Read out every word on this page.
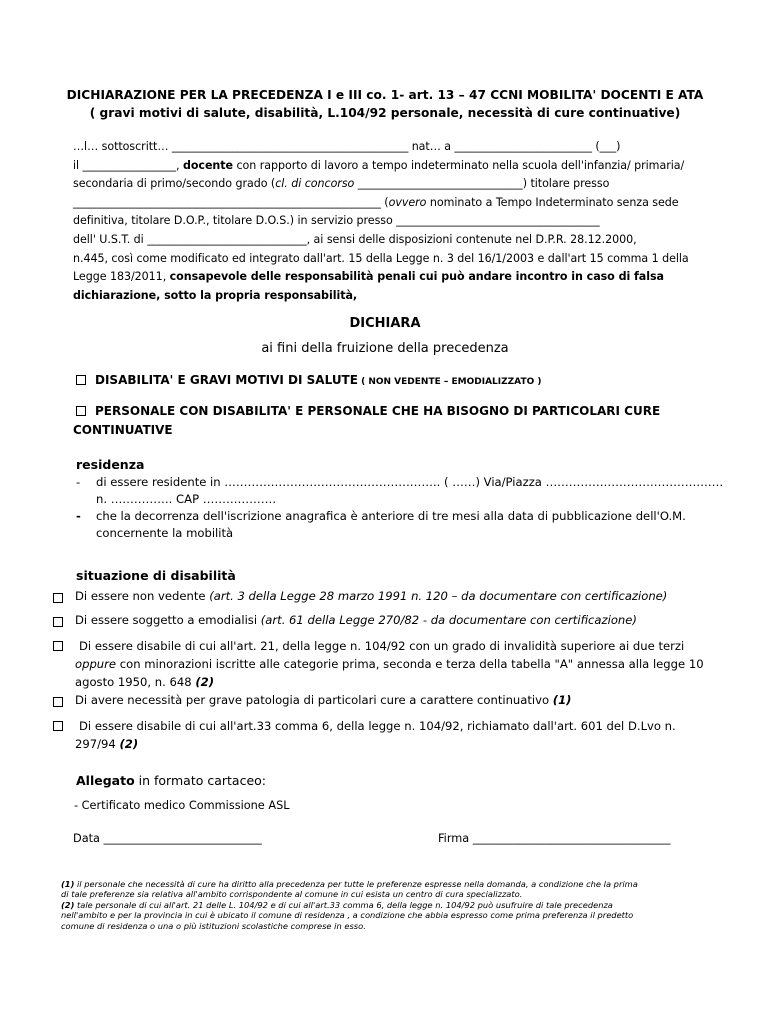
DICHIARAZIONE PER LA PRECEDENZA I e III co. 1- art. 13 – 47 CCNI MOBILITA' DOCENTI E ATA
( gravi motivi di salute, disabilità, L.104/92 personale, necessità di cure continuative)
…l… sottoscritt… ___________________________________________ nat… a _________________________ (___)
il _________________, docente con rapporto di lavoro a tempo indeterminato nella scuola dell'infanzia/ primaria/
secondaria di primo/secondo grado (cl. di concorso ______________________________) titolare presso
________________________________________________________ (ovvero nominato a Tempo Indeterminato senza sede
definitiva, titolare D.O.P., titolare D.O.S.) in servizio presso _____________________________________
dell' U.S.T. di _____________________________, ai sensi delle disposizioni contenute nel D.P.R. 28.12.2000,
n.445, così come modificato ed integrato dall'art. 15 della Legge n. 3 del 16/1/2003 e dall'art 15 comma 1 della
Legge 183/2011, consapevole delle responsabilità penali cui può andare incontro in caso di falsa
dichiarazione, sotto la propria responsabilità,
DICHIARA
ai fini della fruizione della precedenza
DISABILITA' E GRAVI MOTIVI DI SALUTE ( NON VEDENTE – EMODIALIZZATO )
PERSONALE CON DISABILITA' E PERSONALE CHE HA BISOGNO DI PARTICOLARI CURE
CONTINUATIVE
residenza
- di essere residente in ……………………………………………….. ( ……) Via/Piazza …………………………………….…
n. ……………. CAP ……………….
- che la decorrenza dell'iscrizione anagrafica è anteriore di tre mesi alla data di pubblicazione dell'O.M.
concernente la mobilità
situazione di disabilità
Di essere non vedente (art. 3 della Legge 28 marzo 1991 n. 120 – da documentare con certificazione)
Di essere soggetto a emodialisi (art. 61 della Legge 270/82 - da documentare con certificazione)
Di essere disabile di cui all'art. 21, della legge n. 104/92 con un grado di invalidità superiore ai due terzi
oppure con minorazioni iscritte alle categorie prima, seconda e terza della tabella "A" annessa alla legge 10
agosto 1950, n. 648 (2)
Di avere necessità per grave patologia di particolari cure a carattere continuativo (1)
Di essere disabile di cui all'art.33 comma 6, della legge n. 104/92, richiamato dall'art. 601 del D.Lvo n.
297/94 (2)
Allegato in formato cartaceo:
- Certificato medico Commissione ASL
Data ____________________________	Firma ___________________________________
(1) il personale che necessità di cure ha diritto alla precedenza per tutte le preferenze espresse nella domanda, a condizione che la prima
di tale preferenze sia relativa all'ambito corrispondente al comune in cui esista un centro di cura specializzato.
(2) tale personale di cui all'art. 21 delle L. 104/92 e di cui all'art.33 comma 6, della legge n. 104/92 può usufruire di tale precedenza
nell'ambito e per la provincia in cui è ubicato il comune di residenza , a condizione che abbia espresso come prima preferenza il predetto
comune di residenza o una o più istituzioni scolastiche comprese in esso.
